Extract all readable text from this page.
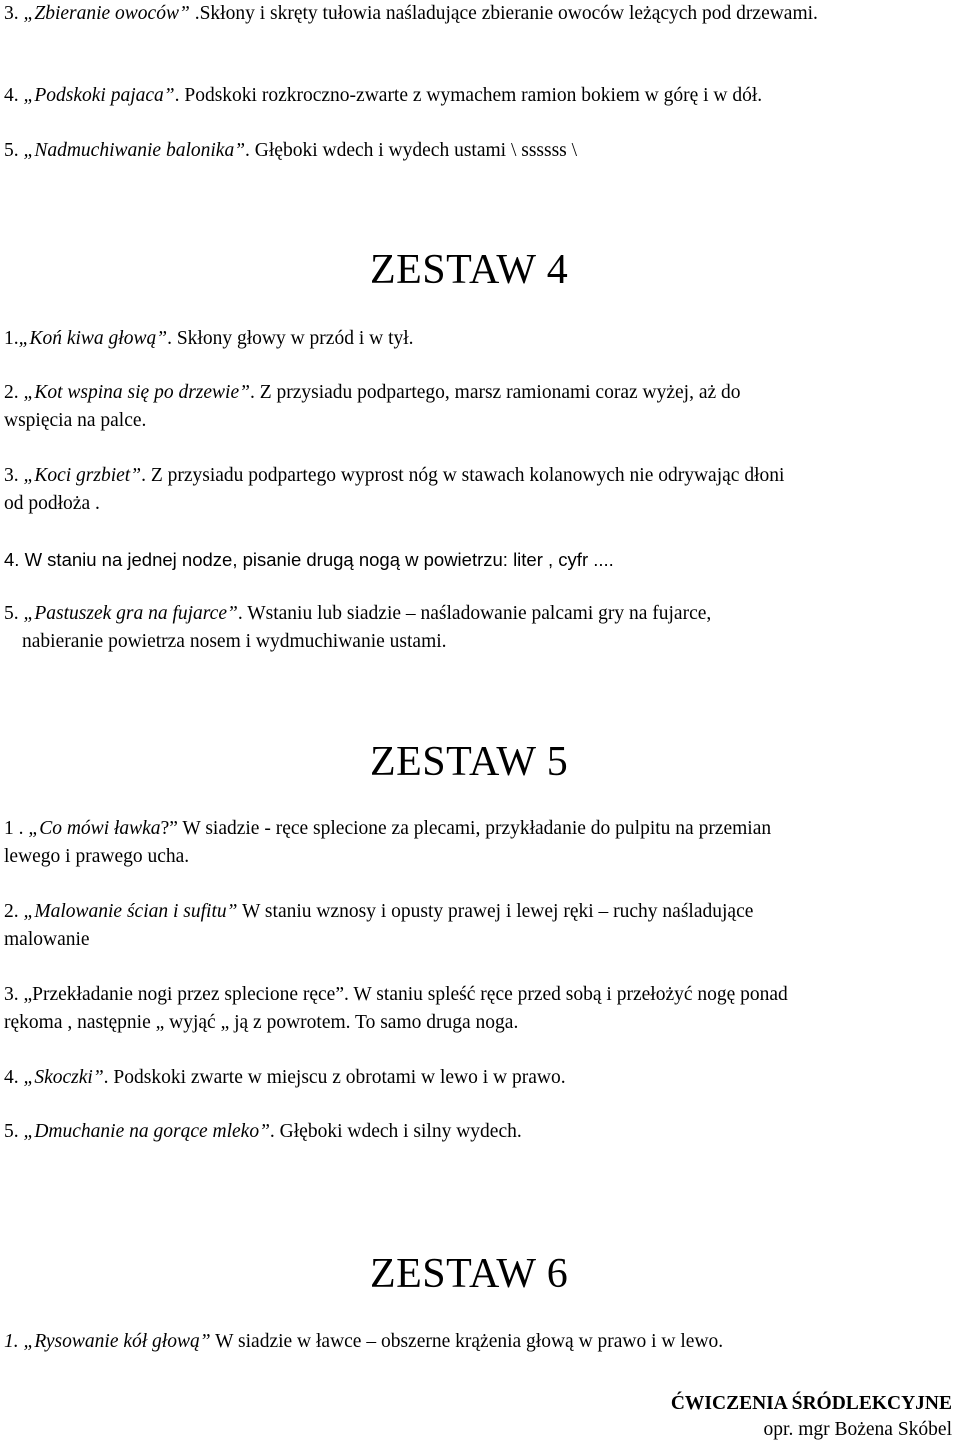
3. „Zbieranie owoców” .Skłony i skręty tułowia naśladujące zbieranie owoców leżących pod drzewami.

4. „Podskoki pajaca”. Podskoki rozkroczno-zwarte z wymachem ramion bokiem w górę i w dół.

5. „Nadmuchiwanie balonika”. Głęboki wdech i wydech ustami \ ssssss \

ZESTAW 4

1.„Koń kiwa głową”. Skłony głowy w przód i w tył.

2. „Kot wspina się po drzewie”. Z przysiadu podpartego, marsz ramionami coraz wyżej, aż do
wspięcia na palce.

3. „Koci grzbiet”. Z przysiadu podpartego wyprost nóg w stawach kolanowych nie odrywając dłoni
od podłoża .

4. W staniu na jednej nodze, pisanie drugą nogą w powietrzu: liter , cyfr ....

5. „Pastuszek gra na fujarce”. Wstaniu lub siadzie – naśladowanie palcami gry na fujarce,
nabieranie powietrza nosem i wydmuchiwanie ustami.

ZESTAW 5

1 . „Co mówi ławka?” W siadzie - ręce splecione za plecami, przykładanie do pulpitu na przemian
lewego i prawego ucha.

2. „Malowanie ścian i sufitu” W staniu wznosy i opusty prawej i lewej ręki – ruchy naśladujące
malowanie

3. „Przekładanie nogi przez splecione ręce”. W staniu spleść ręce przed sobą i przełożyć nogę ponad
rękoma , następnie „ wyjąć „ ją z powrotem. To samo druga noga.

4. „Skoczki”. Podskoki zwarte w miejscu z obrotami w lewo i w prawo.

5. „Dmuchanie na gorące mleko”. Głęboki wdech i silny wydech.

ZESTAW 6

1. „Rysowanie kół głową” W siadzie w ławce – obszerne krążenia głową w prawo i w lewo.

ĆWICZENIA ŚRÓDLEKCYJNE
opr. mgr Bożena Skóbel
